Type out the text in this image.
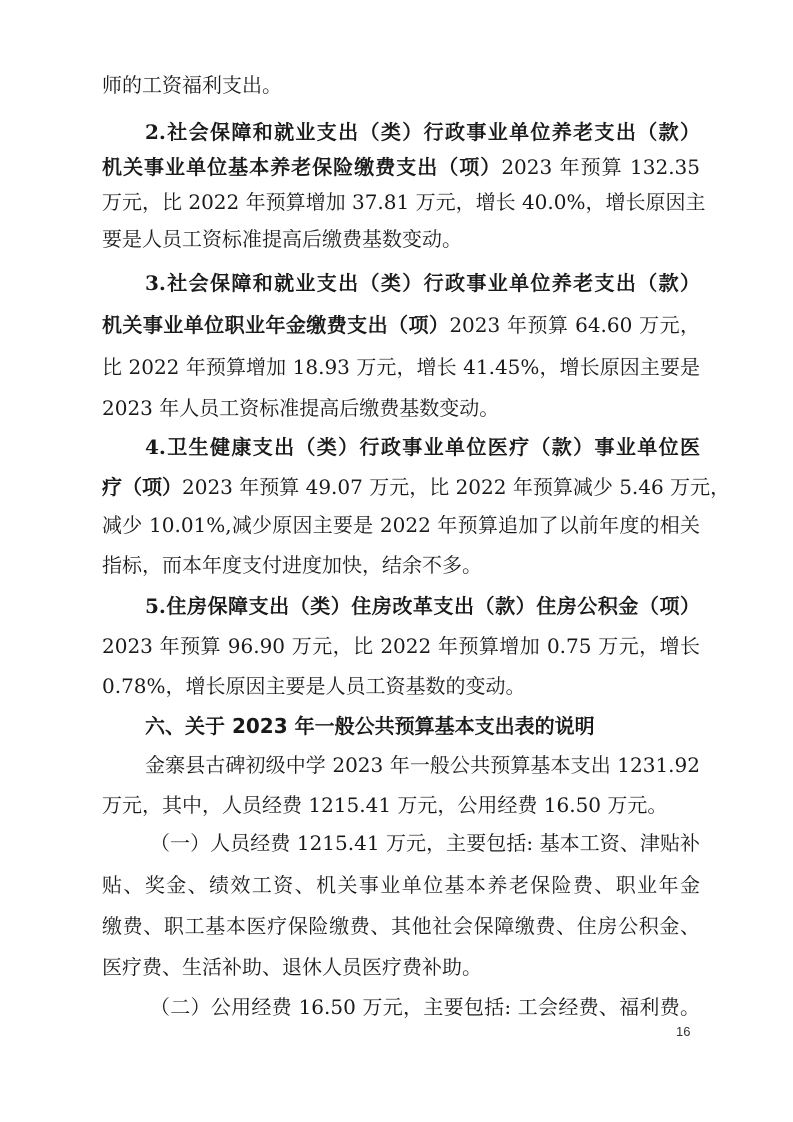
师的工资福利支出。
2.社会保障和就业支出（类）行政事业单位养老支出（款）
机关事业单位基本养老保险缴费支出（项）2023 年预算 132.35
万元，比 2022 年预算增加 37.81 万元，增长 40.0%，增长原因主
要是人员工资标准提高后缴费基数变动。
3.社会保障和就业支出（类）行政事业单位养老支出（款）
机关事业单位职业年金缴费支出（项）2023 年预算 64.60 万元，
比 2022 年预算增加 18.93 万元，增长 41.45%，增长原因主要是
2023 年人员工资标准提高后缴费基数变动。
4.卫生健康支出（类）行政事业单位医疗（款）事业单位医
疗（项）2023 年预算 49.07 万元，比 2022 年预算减少 5.46 万元，
减少 10.01%,减少原因主要是 2022 年预算追加了以前年度的相关
指标，而本年度支付进度加快，结余不多。
5.住房保障支出（类）住房改革支出（款）住房公积金（项）
2023 年预算 96.90 万元，比 2022 年预算增加 0.75 万元，增长
0.78%，增长原因主要是人员工资基数的变动。
六、关于 2023 年一般公共预算基本支出表的说明
金寨县古碑初级中学 2023 年一般公共预算基本支出 1231.92
万元，其中，人员经费 1215.41 万元，公用经费 16.50 万元。
（一）人员经费 1215.41 万元，主要包括: 基本工资、津贴补
贴、奖金、绩效工资、机关事业单位基本养老保险费、职业年金
缴费、职工基本医疗保险缴费、其他社会保障缴费、住房公积金、
医疗费、生活补助、退休人员医疗费补助。
（二）公用经费 16.50 万元，主要包括: 工会经费、福利费。
16
